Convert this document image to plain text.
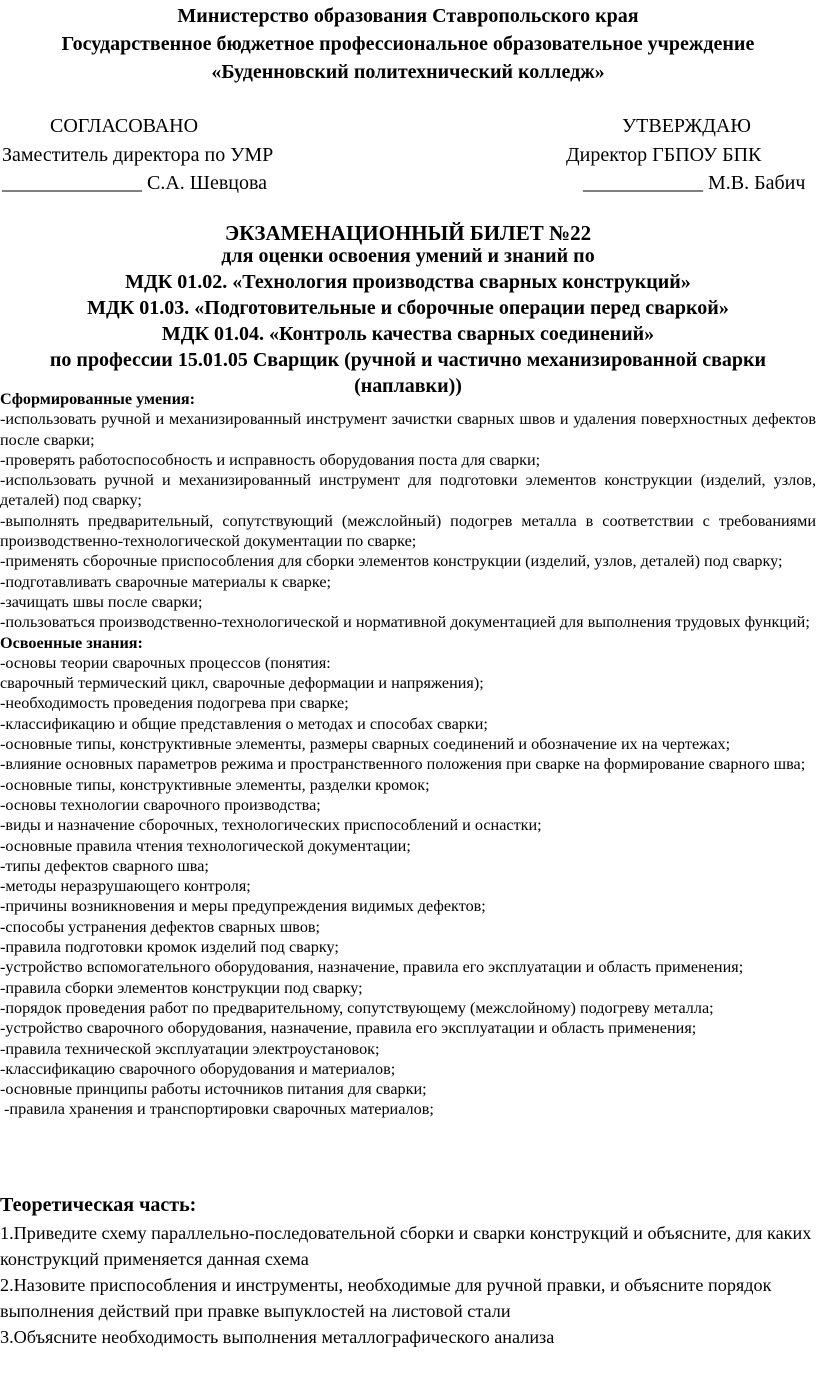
Министерство образования Ставропольского края
Государственное бюджетное профессиональное образовательное учреждение
«Буденновский политехнический колледж»
СОГЛАСОВАНО
Заместитель директора по УМР
______________ С.А. Шевцова
УТВЕРЖДАЮ
Директор ГБПОУ БПК
____________ М.В. Бабич
ЭКЗАМЕНАЦИОННЫЙ БИЛЕТ №22
для оценки освоения умений и знаний по
МДК 01.02. «Технология производства сварных конструкций»
МДК 01.03. «Подготовительные и сборочные операции перед сваркой»
МДК 01.04. «Контроль качества сварных соединений»
по профессии 15.01.05 Сварщик (ручной и частично механизированной сварки
(наплавки))

Сформированные умения:

-использовать ручной и механизированный инструмент зачистки сварных швов и удаления поверхностных дефектов после сварки;

-проверять работоспособность и исправность оборудования поста для сварки;

-использовать ручной и механизированный инструмент для подготовки элементов конструкции (изделий, узлов, деталей) под сварку;

-выполнять предварительный, сопутствующий (межслойный) подогрев металла в соответствии с требованиями производственно-технологической документации по сварке;

-применять сборочные приспособления для сборки элементов конструкции (изделий, узлов, деталей) под сварку;

-подготавливать сварочные материалы к сварке;

-зачищать швы после сварки;

-пользоваться производственно-технологической и нормативной документацией для выполнения трудовых функций;

Освоенные знания:

-основы теории сварочных процессов (понятия:

сварочный термический цикл, сварочные деформации и напряжения);

-необходимость проведения подогрева при сварке;

-классификацию и общие представления о методах и способах сварки;

-основные типы, конструктивные элементы, размеры сварных соединений и обозначение их на чертежах;

-влияние основных параметров режима и пространственного положения при сварке на формирование сварного шва;

-основные типы, конструктивные элементы, разделки кромок;

-основы технологии сварочного производства;

-виды и назначение сборочных, технологических приспособлений и оснастки;

-основные правила чтения технологической документации;

-типы дефектов сварного шва;

-методы неразрушающего контроля;

-причины возникновения и меры предупреждения видимых дефектов;

-способы устранения дефектов сварных швов;

-правила подготовки кромок изделий под сварку;

-устройство вспомогательного оборудования, назначение, правила его эксплуатации и область применения;

-правила сборки элементов конструкции под сварку;

-порядок проведения работ по предварительному, сопутствующему (межслойному) подогреву металла;

-устройство сварочного оборудования, назначение, правила его эксплуатации и область применения;

-правила технической эксплуатации электроустановок;

-классификацию сварочного оборудования и материалов;

-основные принципы работы источников питания для сварки;

-правила хранения и транспортировки сварочных материалов;

Теоретическая часть:

1.Приведите схему параллельно-последовательной сборки и сварки конструкций и объясните, для каких конструкций применяется данная схема

2.Назовите приспособления и инструменты, необходимые для ручной правки, и объясните порядок выполнения действий при правке выпуклостей на листовой стали

3.Объясните необходимость выполнения металлографического анализа
